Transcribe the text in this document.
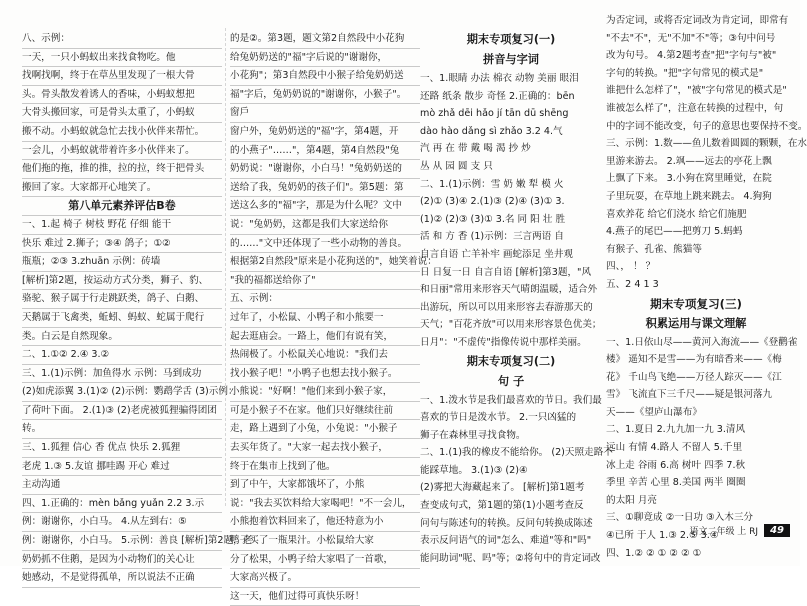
八、示例：
一天，一只小蚂蚁出来找食物吃。他
找啊找啊，终于在草丛里发现了一根大骨
头。骨头散发着诱人的香味，小蚂蚁想把
大骨头搬回家，可是骨头太重了，小蚂蚁
搬不动。小蚂蚁就急忙去找小伙伴来帮忙。
一会儿，小蚂蚁就带着许多小伙伴来了。
他们拖的拖，推的推，拉的拉，终于把骨头
搬回了家。大家都开心地笑了。
第八单元素养评估B卷
一、1.起 椅子 树枝 野花 仔细 能干
快乐 难过 2.狮子；③④ 鸽子；①②
瓶瓶；②③ 3.zhuān 示例：砖墙
[解析]第2题，按运动方式分类，狮子、豹、
骆驼、猴子属于行走跳跃类，鸽子、白鹅、
天鹅属于飞禽类，蚯蚓、蚂蚁、蛇属于爬行
类。白云是自然现象。
二、1.①② 2.④ 3.②
三、1.(1)示例：加鱼得水 示例：马到成功
(2)如虎添翼 3.(1)② (2)示例：鹦鹉学舌 (3)示例：
了荷叶下面。 2.(1)③ (2)老虎被狐狸骗得团团
转。
三、1.狐狸 信心 香 优点 快乐 2.狐狸
老虎 1.③ 5.友谊 挪哇踢 开心 难过
主动沟通
四、1.正确的：mèn bǎng yuǎn 2.2 3.示
例：谢谢你，小白马。 4.从左到右：⑤
例：谢谢你，小白马。 5.示例：善良 [解析]第2题，老
奶奶抓不住鹅，是因为小动物们的关心让
她感动，不是觉得孤单，所以说法不正确
的是②。第3题，题文第2自然段中小花狗
给兔奶奶送的"福"字后说的"谢谢你，
小花狗"；第3自然段中小猴子给兔奶奶送
福"字后，兔奶奶说的"谢谢你，小猴子"。
窗戶
窗户外，兔奶奶送的"福"字，第4题，开
的小燕子"……"，第4题，第4自然段"兔
奶奶说："谢谢你，小白马！"兔奶奶送的
送给了我，兔奶奶的孩子们"。第5题：第
送这么多的"福"字，那是为什么呢？文中
说："兔奶奶，这都是我们大家送给你
的……"文中还体现了一些小动物的善良。
根据第2自然段"原来是小花狗送的"，她笑着说：
"我的福都送给你了"
五、示例：
过年了，小松鼠、小鸭子和小熊要一
起去逛庙会。一路上，他们有说有笑，
热闹极了。小松鼠关心地说："我们去
找小猴子吧！"小鸭子也想去找小猴子。
小熊说："好啊！"他们来到小猴子家，
可是小猴子不在家。他们只好继续往前
走，路上遇到了小兔，小兔说："小猴子
去买年货了。"大家一起去找小猴子，
终于在集市上找到了他。
到了中午，大家都饿坏了，小熊
说："我去买饮料给大家喝吧！"不一会儿，
小熊抱着饮料回来了，他还特意为小
鸭子买了一瓶果汁。小松鼠给大家
分了松果，小鸭子给大家唱了一首歌，
大家高兴极了。
这一天，他们过得可真快乐呀！
期末专项复习(一)
拼音与字词
一、1.眼睛 办法 棉衣 动物 美丽 眼泪
还路 纸条 散步 奇怪 2.正确的：bēn
mò zhǎ dēi hǎo jí tān dū shēng
dào hào dǎng sì zhǎo 3.2 4.气
汽 再 在 带 戴 喝 渴 抄 炒
丛 从 园 圆 支 只
二、1.(1)示例：雪 奶 嫩 犁 模 火
(2)① (3)④ 2.(1)③ (2)④ (3)① 3.
(1)② (2)③ (3)① 3.名 同 阳 壮 胜
活 和 方 香 (1)示例：三言两语 自
自言自语 亡羊补牢 画蛇添足 坐井观
日 日复一日 自言自语 [解析]第3题，"风
和日丽"常用来形容天气晴朗温暖，适合外
出游玩，所以可以用来形容去春游那天的
天气；"百花齐放"可以用来形容景色优美；
日月"："不虚传"指像传说中那样美丽。
期末专项复习(二)
句 子
一、1.泼水节是我们最喜欢的节日。我们最
喜欢的节日是泼水节。 2.一只凶猛的
狮子在森林里寻找食物。
二、1.(1)我的橡皮不能给你。 (2)天照走路不
能踩草地。 3.(1)③ (2)④
(2)雾把大海藏起来了。 [解析]第1题考
查变成句式，第1题的第(1)小题考查反
问句与陈述句的转换。反问句转换成陈述
表示反问语气的词"怎么、难道"等和"吗"
能问助词"呢、吗"等；②将句中的肯定词改
为否定词，或将否定词改为肯定词，即常有
"不去"不"，无"不加"不"等；③句中问号
改为句号。 4.第2题考查"把"字句与"被"
字句的转换。"把"字句常见的模式是"
谁把什么怎样了"，"被"字句常见的模式是"
谁被怎么样了"，注意在转换的过程中，句
中的字词不能改变，句子的意思也要保持不变。
三、示例：1.数——鱼儿数着圆圆的颗颗，在水
里游来游去。 2.飒——远去的亭花上飘
上飘了下来。 3.小狗在窝里睡觉，在院
子里玩耍，在草地上跳来跳去。 4.狗狗
喜欢养花 给它们浇水 给它们施肥
4.燕子的尾巴——把剪刀 5.蚂蚂
有猴子、孔雀、熊猫等
四、， ！ ？
五、2 4 1 3
期末专项复习(三)
积累运用与课文理解
一、1.日依山尽——黄河入海流——《登鹳雀
楼》 遥知不是雪——为有暗香来——《梅
花》 千山鸟飞绝——万径人踪灭——《江
雪》 飞流直下三千尺——疑是银河落九
天——《望庐山瀑布》
二、1.夏日 2.九九加一九 3.清风
远山 有情 4.路人 不留人 5.千里
冰上走 谷雨 6.高 树叶 四季 7.秋
季里 辛苦 心里 8.美国 两半 圈圈
的太阳 月亮
三、①聊竟成 ②一日功 ③入木三分
④已所 于人 1.③ 2.⑤ 3.④
四、1.② ② ① ② ② ①
语文二年级 上 RJ	49
